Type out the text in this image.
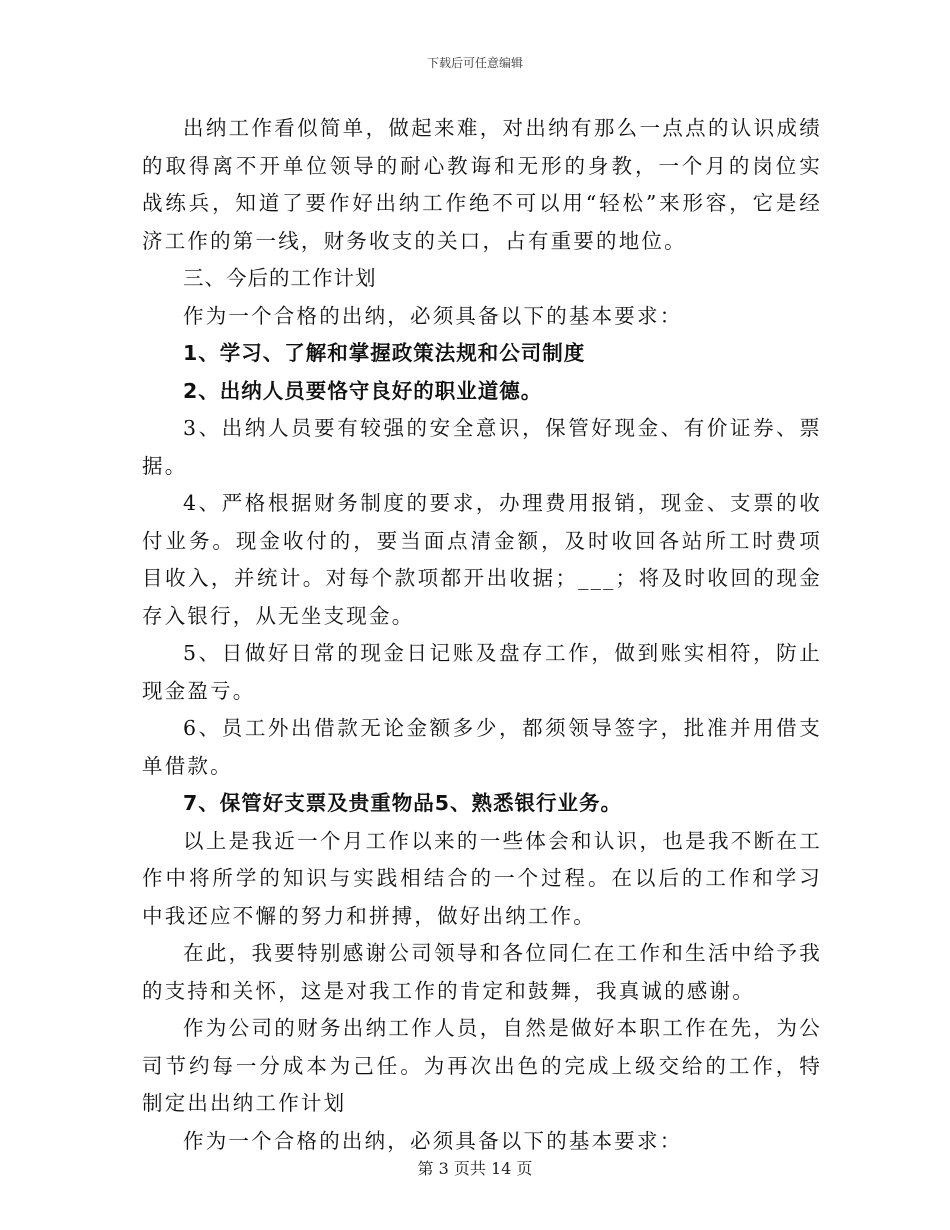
下载后可任意编辑

出纳工作看似简单，做起来难，对出纳有那么一点点的认识成绩的取得离不开单位领导的耐心教诲和无形的身教，一个月的岗位实战练兵，知道了要作好出纳工作绝不可以用“轻松”来形容，它是经济工作的第一线，财务收支的关口，占有重要的地位。

三、今后的工作计划

作为一个合格的出纳，必须具备以下的基本要求：

1、学习、了解和掌握政策法规和公司制度

2、出纳人员要恪守良好的职业道德。

3、出纳人员要有较强的安全意识，保管好现金、有价证券、票据。

4、严格根据财务制度的要求，办理费用报销，现金、支票的收付业务。现金收付的，要当面点清金额，及时收回各站所工时费项目收入，并统计。对每个款项都开出收据；___；将及时收回的现金存入银行，从无坐支现金。

5、日做好日常的现金日记账及盘存工作，做到账实相符，防止现金盈亏。

6、员工外出借款无论金额多少，都须领导签字，批准并用借支单借款。

7、保管好支票及贵重物品5、熟悉银行业务。

以上是我近一个月工作以来的一些体会和认识，也是我不断在工作中将所学的知识与实践相结合的一个过程。在以后的工作和学习中我还应不懈的努力和拼搏，做好出纳工作。

在此，我要特别感谢公司领导和各位同仁在工作和生活中给予我的支持和关怀，这是对我工作的肯定和鼓舞，我真诚的感谢。

作为公司的财务出纳工作人员，自然是做好本职工作在先，为公司节约每一分成本为己任。为再次出色的完成上级交给的工作，特制定出出纳工作计划

作为一个合格的出纳，必须具备以下的基本要求：

第 3 页共 14 页
